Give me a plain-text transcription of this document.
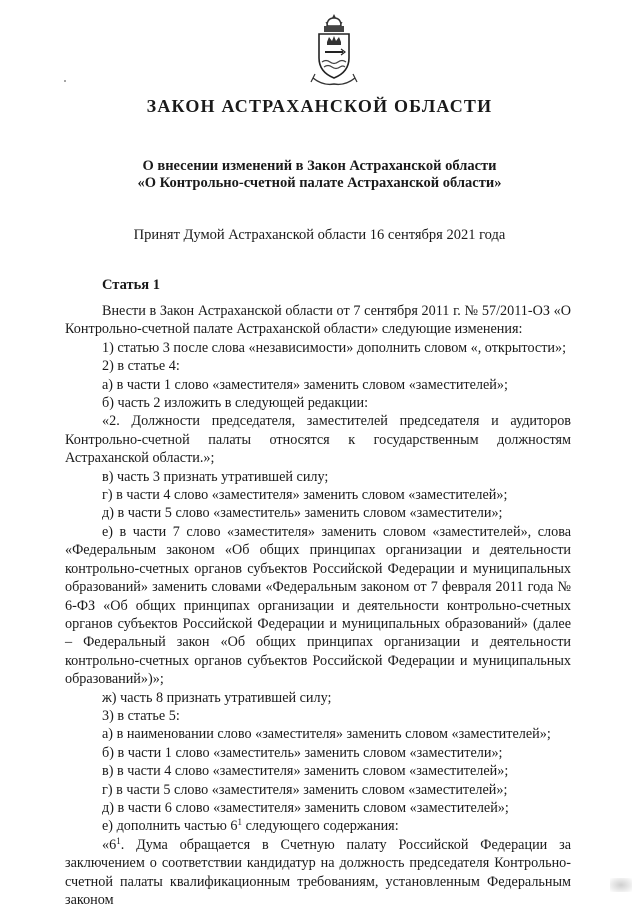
ЗАКОН АСТРАХАНСКОЙ ОБЛАСТИ
О внесении изменений в Закон Астраханской области
«О Контрольно-счетной палате Астраханской области»
Принят Думой Астраханской области 16 сентября 2021 года
Статья 1

Внести в Закон Астраханской области от 7 сентября 2011 г. № 57/2011-ОЗ «О Контрольно-счетной палате Астраханской области» следующие изменения:

1) статью 3 после слова «независимости» дополнить словом «, открытости»;

2) в статье 4:

а) в части 1 слово «заместителя» заменить словом «заместителей»;

б) часть 2 изложить в следующей редакции:

«2. Должности председателя, заместителей председателя и аудиторов Контрольно-счетной палаты относятся к государственным должностям Астраханской области.»;

в) часть 3 признать утратившей силу;

г) в части 4 слово «заместителя» заменить словом «заместителей»;

д) в части 5 слово «заместитель» заменить словом «заместители»;

е) в части 7 слово «заместителя» заменить словом «заместителей», слова «Федеральным законом «Об общих принципах организации и деятельности контрольно-счетных органов субъектов Российской Федерации и муниципальных образований» заменить словами «Федеральным законом от 7 февраля 2011 года № 6-ФЗ «Об общих принципах организации и деятельности контрольно-счетных органов субъектов Российской Федерации и муниципальных образований» (далее – Федеральный закон «Об общих принципах организации и деятельности контрольно-счетных органов субъектов Российской Федерации и муниципальных образований»)»;

ж) часть 8 признать утратившей силу;

3) в статье 5:

а) в наименовании слово «заместителя» заменить словом «заместителей»;

б) в части 1 слово «заместитель» заменить словом «заместители»;

в) в части 4 слово «заместителя» заменить словом «заместителей»;

г) в части 5 слово «заместителя» заменить словом «заместителей»;

д) в части 6 слово «заместителя» заменить словом «заместителей»;

е) дополнить частью $6^1$ следующего содержания:

«$6^1$. Дума обращается в Счетную палату Российской Федерации за заключением о соответствии кандидатур на должность председателя Контрольно-счетной палаты квалификационным требованиям, установленным Федеральным законом
